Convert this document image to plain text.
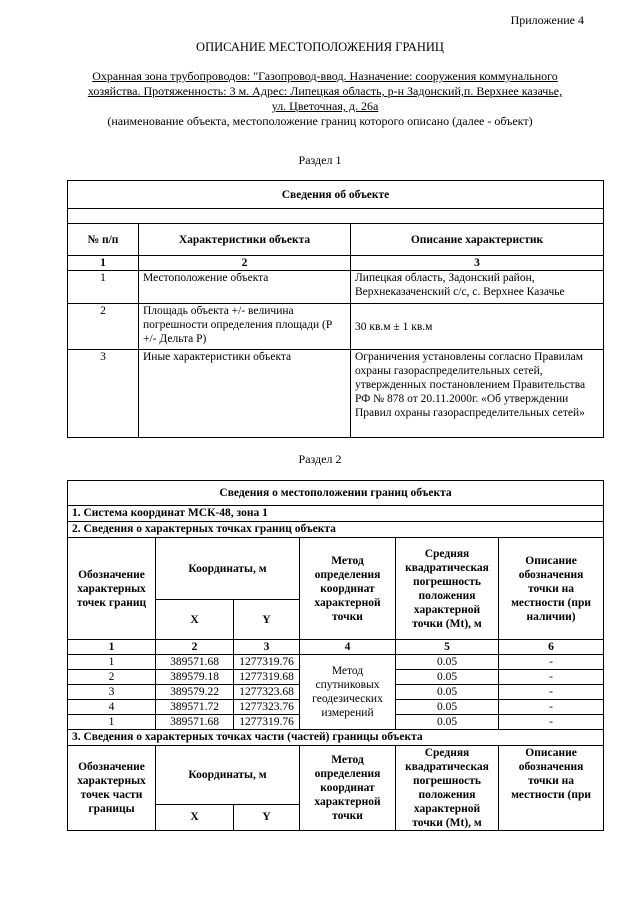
Приложение 4
ОПИСАНИЕ МЕСТОПОЛОЖЕНИЯ ГРАНИЦ
Охранная зона трубопроводов: "Газопровод-ввод. Назначение: сооружения коммунального хозяйства. Протяженность: 3 м. Адрес: Липецкая область, р-н Задонский,п. Верхнее казачье, ул. Цветочная, д. 26а
(наименование объекта, местоположение границ которого описано (далее - объект)
Раздел 1
Сведения об объекте		

№ п/п	Характеристики объекта	Описание характеристик
1	2	3
1	Местоположение объекта	Липецкая область, Задонский район, Верхнеказаченский с/с, с. Верхнее Казачье
2	Площадь объекта +/- величина погрешности определения площади (Р +/- Дельта Р)	30 кв.м ± 1 кв.м
3	Иные характеристики объекта	Ограничения установлены согласно Правилам охраны газораспределительных сетей, утвержденных постановлением Правительства РФ № 878 от 20.11.2000г. «Об утверждении Правил охраны газораспределительных сетей»
Раздел 2
Сведения о местоположении границ объекта					
1. Система координат МСК-48, зона 1					
2. Сведения о характерных точках границ объекта					
Обозначение характерных точек границ	Координаты, м		Метод определения координат характерной точки	Средняя квадратическая погрешность положения характерной точки (Mt), м	Описание обозначения точки на местности (при наличии)
	X	Y			
1	2	3	4	5	6
1	389571.68	1277319.76	Метод спутниковых геодезических измерений	0.05	-
2	389579.18	1277319.68		0.05	-
3	389579.22	1277323.68		0.05	-
4	389571.72	1277323.76		0.05	-
1	389571.68	1277319.76		0.05	-
3. Сведения о характерных точках части (частей) границы объекта					
Обозначение характерных точек части границы	Координаты, м		Метод определения координат характерной точки	Средняя квадратическая погрешность положения характерной точки (Mt), м	Описание обозначения точки на местности (при
	X	Y			
